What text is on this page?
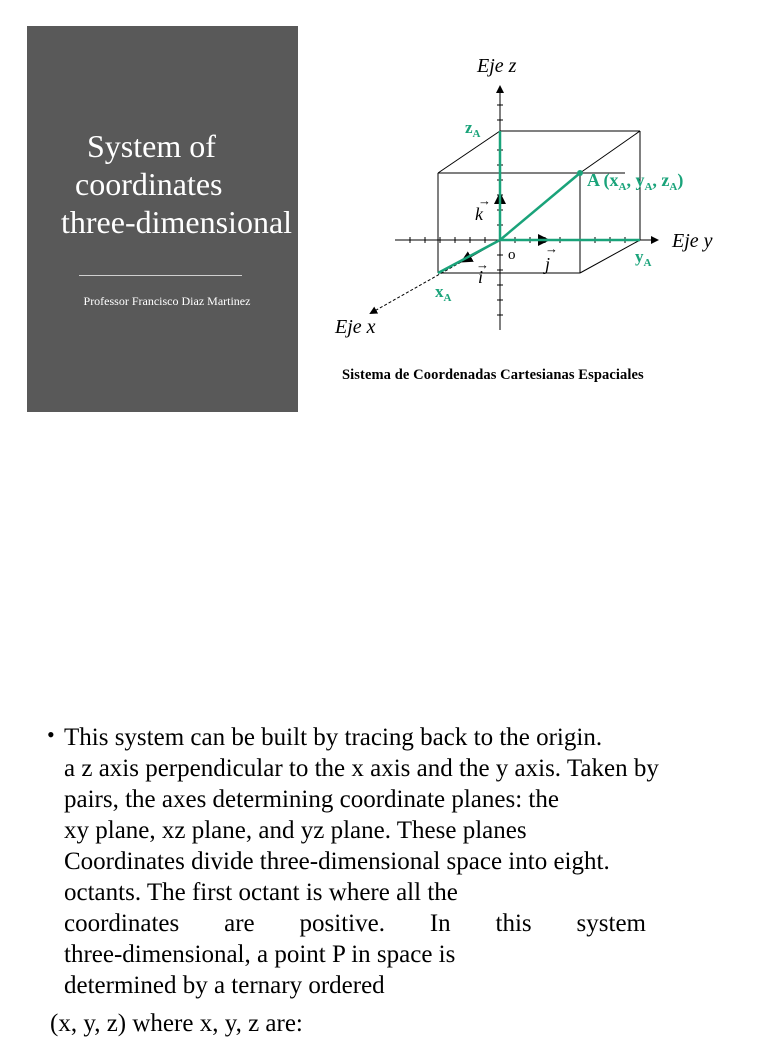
System of
coordinates
three-dimensional
Professor Francisco Diaz Martinez
Eje z
Eje y
Eje x
$z_A$
$y_A$
$x_A$
A ($x_A$, $y_A$, $z_A$)
o
k
→
j
→
i
→
Sistema de Coordenadas Cartesianas Espaciales
• This system can be built by tracing back to the origin.
a z axis perpendicular to the x axis and the y axis. Taken by
pairs, the axes determining coordinate planes: the
xy plane, xz plane, and yz plane. These planes
Coordinates divide three-dimensional space into eight.
octants. The first octant is where all the
coordinates are positive. In this system
three-dimensional, a point P in space is
determined by a ternary ordered
(x, y, z) where x, y, z are:
